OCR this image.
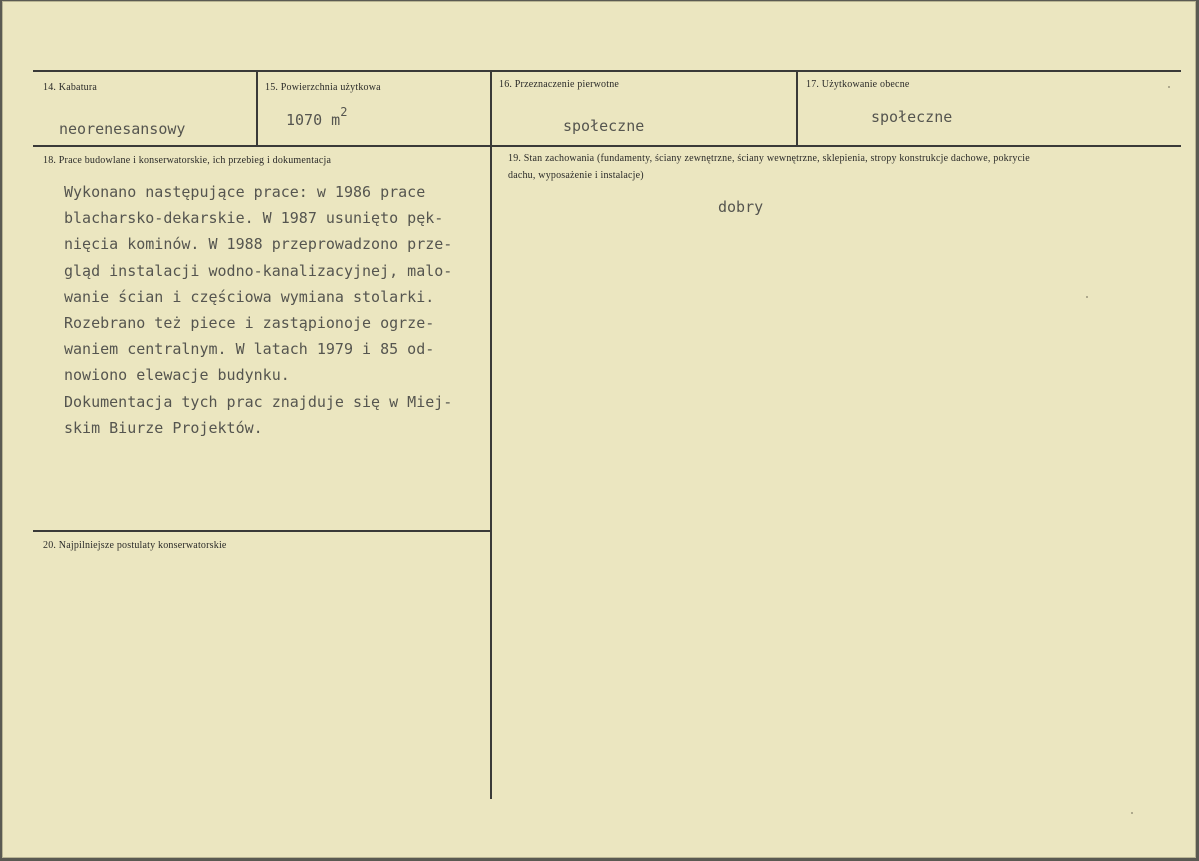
14. Kabatura
neorenesansowy
15. Powierzchnia użytkowa
1070 $m^2$
16. Przeznaczenie pierwotne
społeczne
17. Użytkowanie obecne
społeczne
18. Prace budowlane i konserwatorskie, ich przebieg i dokumentacja
Wykonano następujące prace: w 1986 prace
blacharsko-dekarskie. W 1987 usunięto pęk-
nięcia kominów. W 1988 przeprowadzono prze-
gląd instalacji wodno-kanalizacyjnej, malo-
wanie ścian i częściowa wymiana stolarki.
Rozebrano też piece i zastąpionoje ogrze-
waniem centralnym. W latach 1979 i 85 od-
nowiono elewacje budynku.
Dokumentacja tych prac znajduje się w Miej-
skim Biurze Projektów.
19. Stan zachowania (fundamenty, ściany zewnętrzne, ściany wewnętrzne, sklepienia, stropy konstrukcje dachowe, pokrycie dachu, wyposażenie i instalacje)
dobry
20. Najpilniejsze postulaty konserwatorskie
